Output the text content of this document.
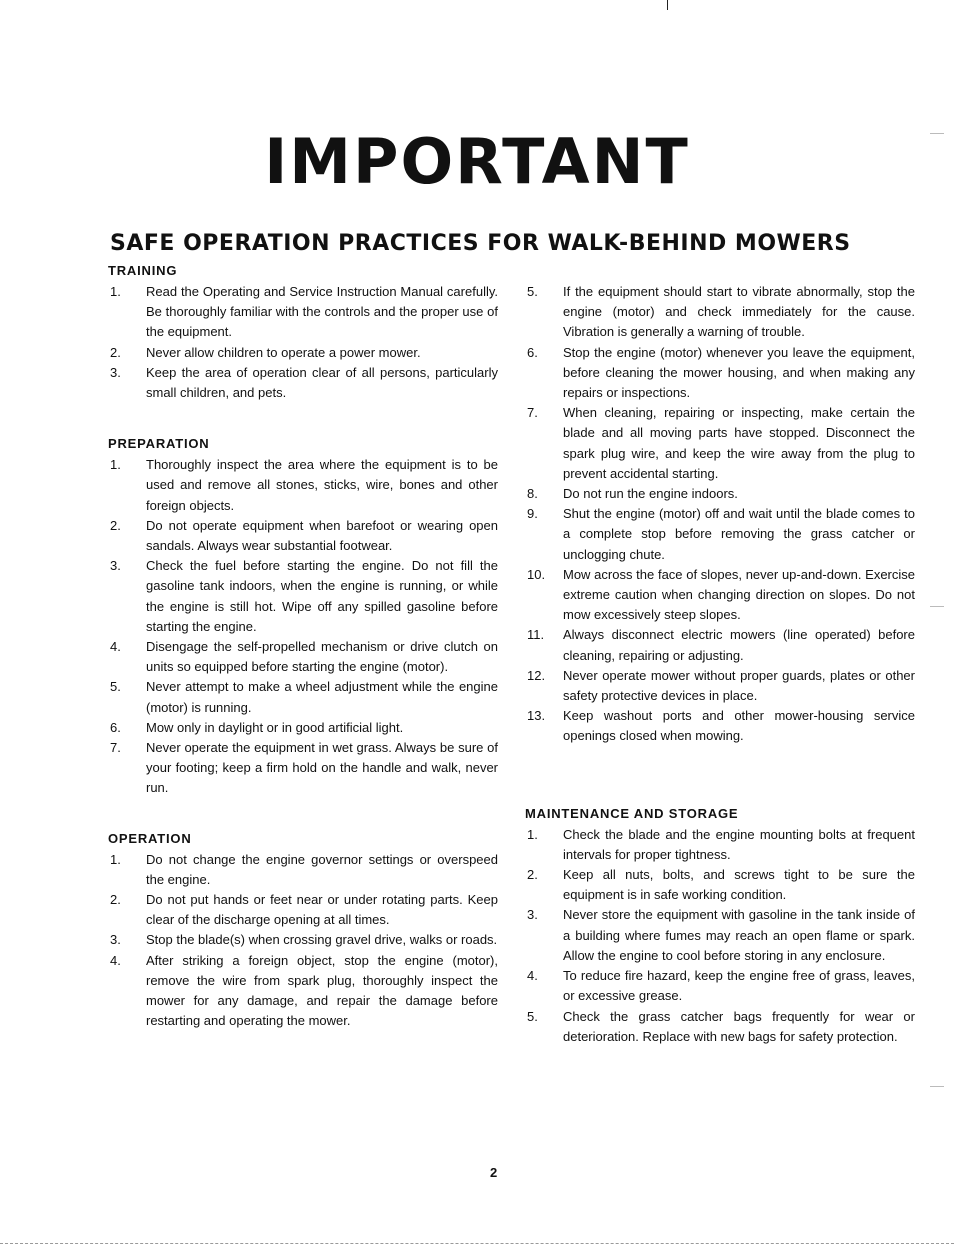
IMPORTANT
SAFE OPERATION PRACTICES FOR WALK-BEHIND MOWERS
TRAINING
1. Read the Operating and Service Instruction Manual carefully. Be thoroughly familiar with the controls and the proper use of the equipment.
2. Never allow children to operate a power mower.
3. Keep the area of operation clear of all persons, particularly small children, and pets.
PREPARATION
1. Thoroughly inspect the area where the equipment is to be used and remove all stones, sticks, wire, bones and other foreign objects.
2. Do not operate equipment when barefoot or wearing open sandals. Always wear substantial footwear.
3. Check the fuel before starting the engine. Do not fill the gasoline tank indoors, when the engine is running, or while the engine is still hot. Wipe off any spilled gasoline before starting the engine.
4. Disengage the self-propelled mechanism or drive clutch on units so equipped before starting the engine (motor).
5. Never attempt to make a wheel adjustment while the engine (motor) is running.
6. Mow only in daylight or in good artificial light.
7. Never operate the equipment in wet grass. Always be sure of your footing; keep a firm hold on the handle and walk, never run.
OPERATION
1. Do not change the engine governor settings or overspeed the engine.
2. Do not put hands or feet near or under rotating parts. Keep clear of the discharge opening at all times.
3. Stop the blade(s) when crossing gravel drive, walks or roads.
4. After striking a foreign object, stop the engine (motor), remove the wire from spark plug, thoroughly inspect the mower for any damage, and repair the damage before restarting and operating the mower.
5. If the equipment should start to vibrate abnormally, stop the engine (motor) and check immediately for the cause. Vibration is generally a warning of trouble.
6. Stop the engine (motor) whenever you leave the equipment, before cleaning the mower housing, and when making any repairs or inspections.
7. When cleaning, repairing or inspecting, make certain the blade and all moving parts have stopped. Disconnect the spark plug wire, and keep the wire away from the plug to prevent accidental starting.
8. Do not run the engine indoors.
9. Shut the engine (motor) off and wait until the blade comes to a complete stop before removing the grass catcher or unclogging chute.
10. Mow across the face of slopes, never up-and-down. Exercise extreme caution when changing direction on slopes. Do not mow excessively steep slopes.
11. Always disconnect electric mowers (line operated) before cleaning, repairing or adjusting.
12. Never operate mower without proper guards, plates or other safety protective devices in place.
13. Keep washout ports and other mower-housing service openings closed when mowing.
MAINTENANCE AND STORAGE
1. Check the blade and the engine mounting bolts at frequent intervals for proper tightness.
2. Keep all nuts, bolts, and screws tight to be sure the equipment is in safe working condition.
3. Never store the equipment with gasoline in the tank inside of a building where fumes may reach an open flame or spark. Allow the engine to cool before storing in any enclosure.
4. To reduce fire hazard, keep the engine free of grass, leaves, or excessive grease.
5. Check the grass catcher bags frequently for wear or deterioration. Replace with new bags for safety protection.
2
